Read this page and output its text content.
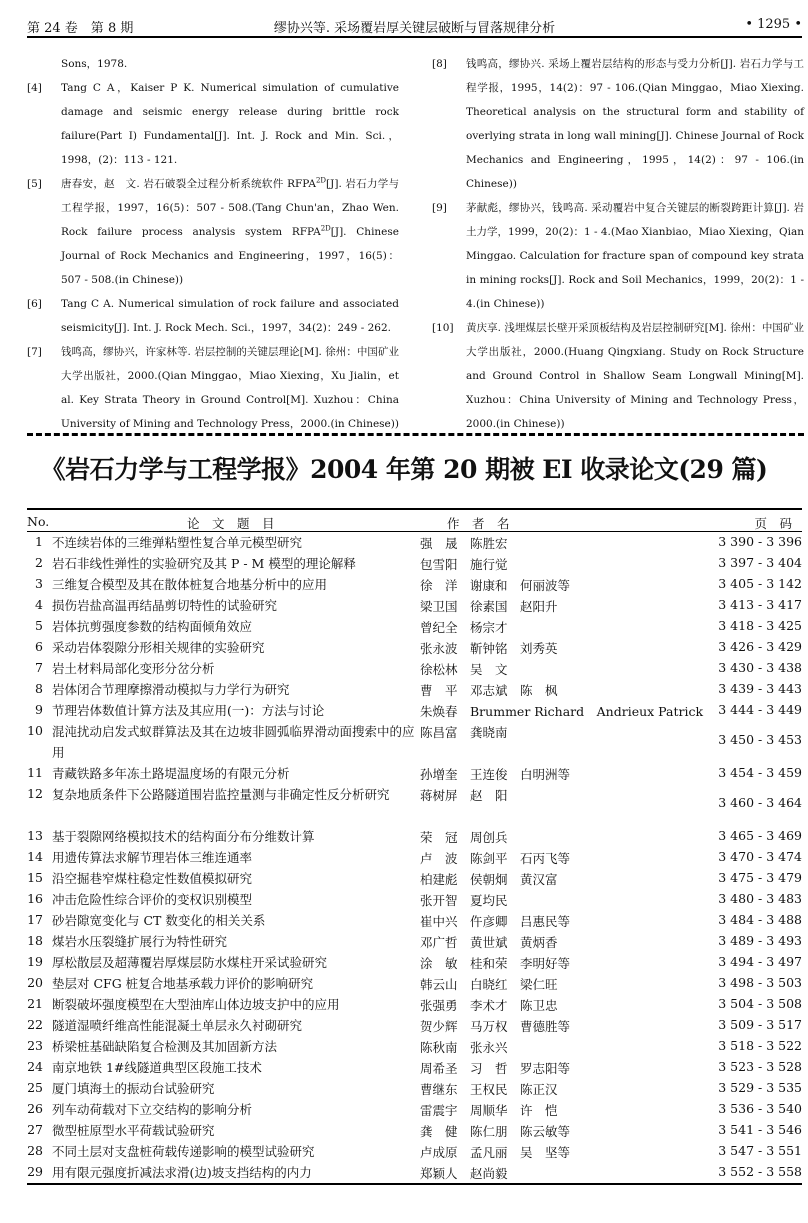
第 24 卷　第 8 期	缪协兴等. 采场覆岩厚关键层破断与冒落规律分析	• 1295 •
Sons，1978.
[4]	Tang C A，Kaiser P K. Numerical simulation of cumulative damage and seismic energy release during brittle rock failure(Part I) Fundamental[J]. Int. J. Rock and Min. Sci.，1998，(2)：113 - 121.
[5]	唐春安，赵　文. 岩石破裂全过程分析系统软件 $RFPA^{2D}[J]$. 岩石力学与工程学报，1997，16(5)：507 - 508.(Tang Chun'an，Zhao Wen. Rock failure process analysis system $RFPA^{2D}[J]$. Chinese Journal of Rock Mechanics and Engineering，1997，16(5)：507 - 508.(in Chinese))
[6]	Tang C A. Numerical simulation of rock failure and associated seismicity[J]. Int. J. Rock Mech. Sci.，1997，34(2)：249 - 262.
[7]	钱鸣高，缪协兴，许家林等. 岩层控制的关键层理论[M]. 徐州：中国矿业大学出版社，2000.(Qian Minggao，Miao Xiexing，Xu Jialin，et al. Key Strata Theory in Ground Control[M]. Xuzhou：China University of Mining and Technology Press，2000.(in Chinese))
[8]	钱鸣高，缪协兴. 采场上覆岩层结构的形态与受力分析[J]. 岩石力学与工程学报，1995，14(2)：97 - 106.(Qian Minggao，Miao Xiexing. Theoretical analysis on the structural form and stability of overlying strata in long wall mining[J]. Chinese Journal of Rock Mechanics and Engineering，1995，14(2)：97 - 106.(in Chinese))
[9]	茅献彪，缪协兴，钱鸣高. 采动覆岩中复合关键层的断裂跨距计算[J]. 岩土力学，1999，20(2)：1 - 4.(Mao Xianbiao，Miao Xiexing，Qian Minggao. Calculation for fracture span of compound key strata in mining rocks[J]. Rock and Soil Mechanics，1999，20(2)：1 - 4.(in Chinese))
[10]	黄庆享. 浅埋煤层长壁开采顶板结构及岩层控制研究[M]. 徐州：中国矿业大学出版社，2000.(Huang Qingxiang. Study on Rock Structure and Ground Control in Shallow Seam Longwall Mining[M]. Xuzhou：China University of Mining and Technology Press，2000.(in Chinese))
《岩石力学与工程学报》2004 年第 20 期被 EI 收录论文(29 篇)
No.	论　文　题　目	作　者　名	页　码
1 不连续岩体的三维弹粘塑性复合单元模型研究	强　晟　陈胜宏	3 390 - 3 396
2 岩石非线性弹性的实验研究及其 P - M 模型的理论解释	包雪阳　施行觉	3 397 - 3 404
3 三维复合模型及其在散体桩复合地基分析中的应用	徐　洋　谢康和　何丽波等	3 405 - 3 142
4 损伤岩盐高温再结晶剪切特性的试验研究	梁卫国　徐素国　赵阳升	3 413 - 3 417
5 岩体抗剪强度参数的结构面倾角效应	曾纪全　杨宗才	3 418 - 3 425
6 采动岩体裂隙分形相关规律的实验研究	张永波　靳钟铭　刘秀英	3 426 - 3 429
7 岩土材料局部化变形分岔分析	徐松林　吴　文	3 430 - 3 438
8 岩体闭合节理摩擦滑动模拟与力学行为研究	曹　平　邓志斌　陈　枫	3 439 - 3 443
9 节理岩体数值计算方法及其应用(一)：方法与讨论	朱焕春　Brummer Richard　Andrieux Patrick 3 444 - 3 449
10 混沌扰动启发式蚁群算法及其在边坡非圆弧临界滑动面搜索中的应用
陈昌富　龚晓南	3 450 - 3 453
11 青藏铁路多年冻土路堤温度场的有限元分析	孙增奎　王连俊　白明洲等	3 454 - 3 459
12 复杂地质条件下公路隧道围岩监控量测与非确定性反分析研究	蒋树屏　赵　阳	3 460 - 3 464
13 基于裂隙网络模拟技术的结构面分布分维数计算	荣　冠　周创兵	3 465 - 3 469
14 用遗传算法求解节理岩体三维连通率	卢　波　陈剑平　石丙飞等	3 470 - 3 474
15 沿空掘巷窄煤柱稳定性数值模拟研究	柏建彪　侯朝炯　黄汉富	3 475 - 3 479
16 冲击危险性综合评价的变权识别模型	张开智　夏均民	3 480 - 3 483
17 砂岩隙宽变化与 CT 数变化的相关关系	崔中兴　仵彦卿　吕惠民等	3 484 - 3 488
18 煤岩水压裂缝扩展行为特性研究	邓广哲　黄世斌　黄炳香	3 489 - 3 493
19 厚松散层及超薄覆岩厚煤层防水煤柱开采试验研究	涂　敏　桂和荣　李明好等	3 494 - 3 497
20 垫层对 CFG 桩复合地基承载力评价的影响研究	韩云山　白晓红　梁仁旺	3 498 - 3 503
21 断裂破坏强度模型在大型油库山体边坡支护中的应用	张强勇　李术才　陈卫忠	3 504 - 3 508
22 隧道湿喷纤维高性能混凝土单层永久衬砌研究	贺少辉　马万权　曹德胜等	3 509 - 3 517
23 桥梁桩基础缺陷复合检测及其加固新方法	陈秋南　张永兴	3 518 - 3 522
24 南京地铁 1#线隧道典型区段施工技术	周希圣　习　哲　罗志阳等	3 523 - 3 528
25 厦门填海土的振动台试验研究	曹继东　王权民　陈正汉	3 529 - 3 535
26 列车动荷载对下立交结构的影响分析	雷震宇　周顺华　许　恺	3 536 - 3 540
27 微型桩原型水平荷载试验研究	龚　健　陈仁朋　陈云敏等	3 541 - 3 546
28 不同土层对支盘桩荷载传递影响的模型试验研究	卢成原　孟凡丽　吴　坚等	3 547 - 3 551
29 用有限元强度折减法求滑(边)坡支挡结构的内力	郑颖人　赵尚毅	3 552 - 3 558
